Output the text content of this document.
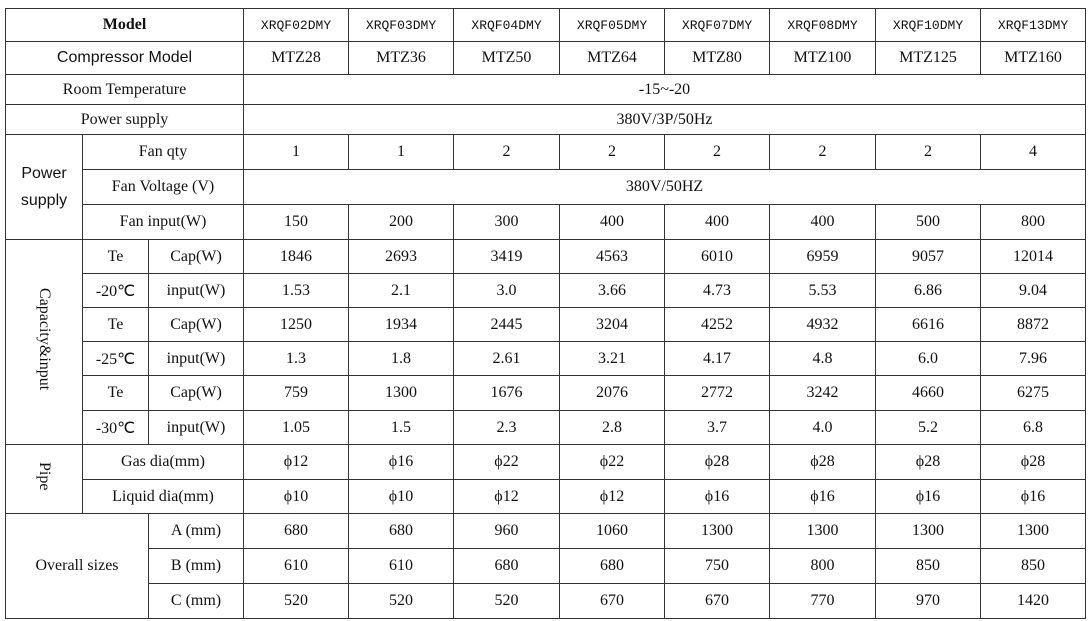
Model			XRQF02DMY	XRQF03DMY	XRQF04DMY	XRQF05DMY	XRQF07DMY	XRQF08DMY	XRQF10DMY	XRQF13DMY
Compressor Model			MTZ28	MTZ36	MTZ50	MTZ64	MTZ80	MTZ100	MTZ125	MTZ160
Room Temperature			-15~-20							
Power supply			380V/3P/50Hz							
Power
supply	Fan qty		1	1	2	2	2	2	2	4
	Fan Voltage (V)		380V/50HZ							
	Fan input(W)		150	200	300	400	400	400	500	800
Capacity&input	Te	Cap(W)	1846	2693	3419	4563	6010	6959	9057	12014
	-20℃	input(W)	1.53	2.1	3.0	3.66	4.73	5.53	6.86	9.04
	Te	Cap(W)	1250	1934	2445	3204	4252	4932	6616	8872
	-25℃	input(W)	1.3	1.8	2.61	3.21	4.17	4.8	6.0	7.96
	Te	Cap(W)	759	1300	1676	2076	2772	3242	4660	6275
	-30℃	input(W)	1.05	1.5	2.3	2.8	3.7	4.0	5.2	6.8
Pipe	Gas dia(mm)		ϕ12	ϕ16	ϕ22	ϕ22	ϕ28	ϕ28	ϕ28	ϕ28
	Liquid dia(mm)		ϕ10	ϕ10	ϕ12	ϕ12	ϕ16	ϕ16	ϕ16	ϕ16
Overall sizes		A (mm)	680	680	960	1060	1300	1300	1300	1300
		B (mm)	610	610	680	680	750	800	850	850
		C (mm)	520	520	520	670	670	770	970	1420
